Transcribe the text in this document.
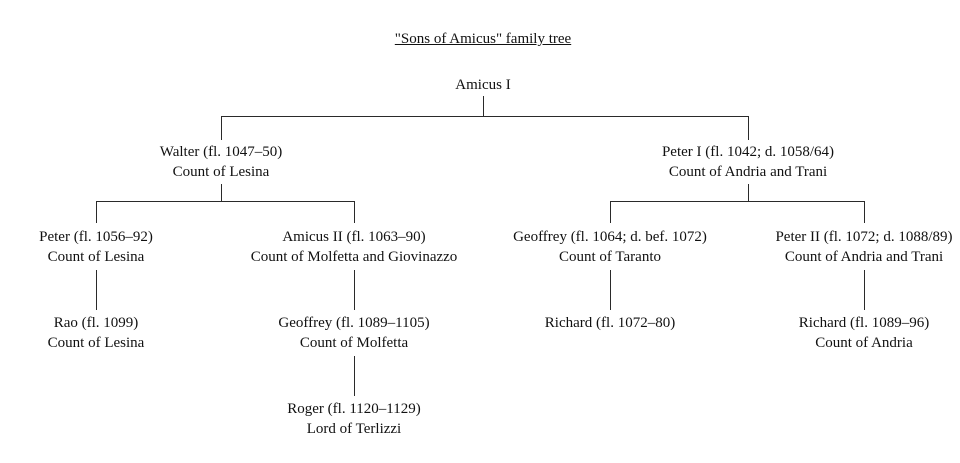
"Sons of Amicus" family tree
Amicus I
Walter (fl. 1047–50)
Count of Lesina
Peter I (fl. 1042; d. 1058/64)
Count of Andria and Trani
Peter (fl. 1056–92)
Count of Lesina
Amicus II (fl. 1063–90)
Count of Molfetta and Giovinazzo
Geoffrey (fl. 1064; d. bef. 1072)
Count of Taranto
Peter II (fl. 1072; d. 1088/89)
Count of Andria and Trani
Rao (fl. 1099)
Count of Lesina
Geoffrey (fl. 1089–1105)
Count of Molfetta
Richard (fl. 1072–80)	Richard (fl. 1089–96)
Count of Andria
Roger (fl. 1120–1129)
Lord of Terlizzi
